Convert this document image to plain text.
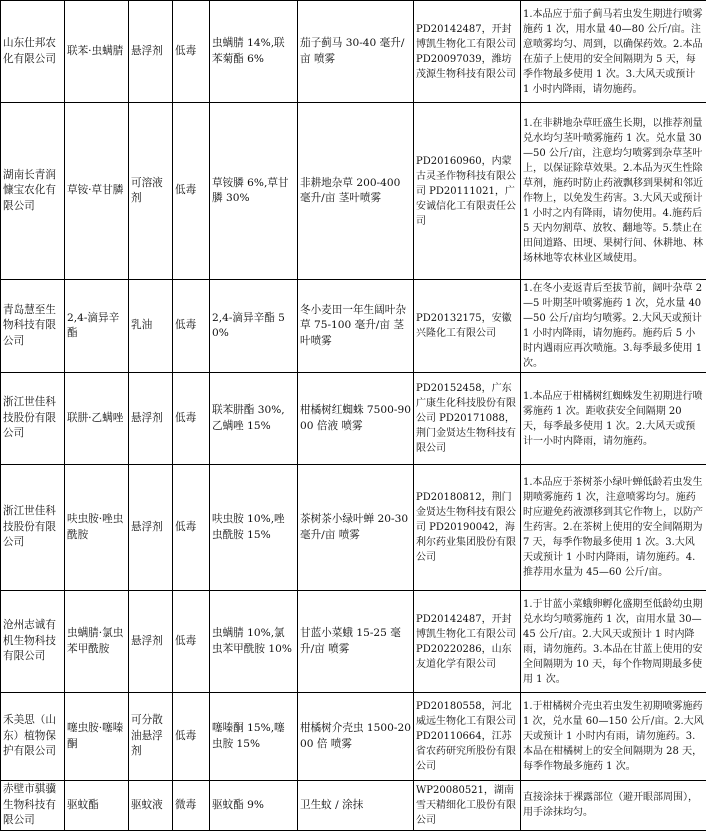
山东仕邦农化有限公司	联苯·虫螨腈	悬浮剂	低毒	虫螨腈 14%,联苯菊酯 6%	茄子蓟马 30-40 毫升/亩 喷雾	PD20142487，开封博凯生物化工有限公司 PD20097039，潍坊茂源生物科技有限公司	1.本品应于茄子蓟马若虫发生期进行喷雾施药 1 次，用水量 40—80 公斤/亩。注意喷雾均匀、周到，以确保药效。2.本品在茄子上使用的安全间隔期为 5 天，每季作物最多使用 1 次。3.大风天或预计 1 小时内降雨，请勿施药。
湖南长青润慷宝农化有限公司	草铵·草甘膦	可溶液剂	低毒	草铵膦 6%,草甘膦 30%	非耕地杂草 200-400 毫升/亩 茎叶喷雾	PD20160960，内蒙古灵圣作物科技有限公司 PD20111021，广安诚信化工有限责任公司	1.在非耕地杂草旺盛生长期，以推荐剂量兑水均匀茎叶喷雾施药 1 次。兑水量 30—50 公斤/亩，注意均匀喷雾到杂草茎叶上，以保证除草效果。2.本品为灭生性除草剂，施药时防止药液飘移到果树和邻近作物上，以免发生药害。3.大风天或预计 1 小时之内有降雨，请勿使用。4.施药后 5 天内勿割草、放牧、翻地等。5.禁止在田间道路、田埂、果树行间、休耕地、林场林地等农林业区域使用。
青岛慧至生物科技有限公司	2,4-滴异辛酯	乳油	低毒	2,4-滴异辛酯 50%	冬小麦田一年生阔叶杂草 75-100 毫升/亩 茎叶喷雾	PD20132175，安徽兴隆化工有限公司	1.在冬小麦返青后至拔节前，阔叶杂草 2—5 叶期茎叶喷雾施药 1 次，兑水量 40—50 公斤/亩均匀喷雾。2.大风天或预计 1 小时内降雨，请勿施药。施药后 5 小时内遇雨应再次喷施。3.每季最多使用 1 次。
浙江世佳科技股份有限公司	联肼·乙螨唑	悬浮剂	低毒	联苯肼酯 30%,乙螨唑 15%	柑橘树红蜘蛛 7500-9000 倍液 喷雾	PD20152458，广东广康生化科技股份有限公司 PD20171088，荆门金贤达生物科技有限公司	1.本品应于柑橘树红蜘蛛发生初期进行喷雾施药 1 次。距收获安全间隔期 20 天，每季最多使用 1 次。2.大风天或预计一小时内降雨，请勿施药。
浙江世佳科技股份有限公司	呋虫胺·唑虫酰胺	悬浮剂	低毒	呋虫胺 10%,唑虫酰胺 15%	茶树茶小绿叶蝉 20-30 毫升/亩 喷雾	PD20180812，荆门金贤达生物科技有限公司 PD20190042，海利尔药业集团股份有限公司	1.本品应于茶树茶小绿叶蝉低龄若虫发生期喷雾施药 1 次，注意喷雾均匀。施药时应避免药液漂移到其它作物上，以防产生药害。2.在茶树上使用的安全间隔期为 7 天，每季作物最多使用 1 次。3.大风天或预计 1 小时内降雨，请勿施药。4.推荐用水量为 45—60 公斤/亩。
沧州志诚有机生物科技有限公司	虫螨腈·氯虫苯甲酰胺	悬浮剂	低毒	虫螨腈 10%,氯虫苯甲酰胺 10%	甘蓝小菜蛾 15-25 毫升/亩 喷雾	PD20142487，开封博凯生物化工有限公司 PD20220286，山东友道化学有限公司	1.于甘蓝小菜蛾卵孵化盛期至低龄幼虫期兑水均匀喷雾施药 1 次，亩用水量 30—45 公斤/亩。2.大风天或预计 1 时内降雨，请勿施药。3.本品在甘蓝上使用的安全间隔期为 10 天，每个作物周期最多使用 1 次。
禾美思（山东）植物保护有限公司	噻虫胺·噻嗪酮	可分散油悬浮剂	低毒	噻嗪酮 15%,噻虫胺 15%	柑橘树介壳虫 1500-2000 倍 喷雾	PD20180558，河北威远生物化工有限公司 PD20110664，江苏省农药研究所股份有限公司	1.于柑橘树介壳虫若虫发生初期喷雾施药 1 次，兑水量 60—150 公斤/亩。2.大风天或预计 1 小时内有雨，请勿施药。3.本品在柑橘树上的安全间隔期为 28 天，每季作物最多施药 1 次。
赤壁市骐骥生物科技有限公司	驱蚊酯	驱蚊液	微毒	驱蚊酯 9%	卫生蚊 / 涂抹	WP20080521，湖南雪天精细化工股份有限公司	直接涂抹于裸露部位（避开眼部周围），用手涂抹均匀。
